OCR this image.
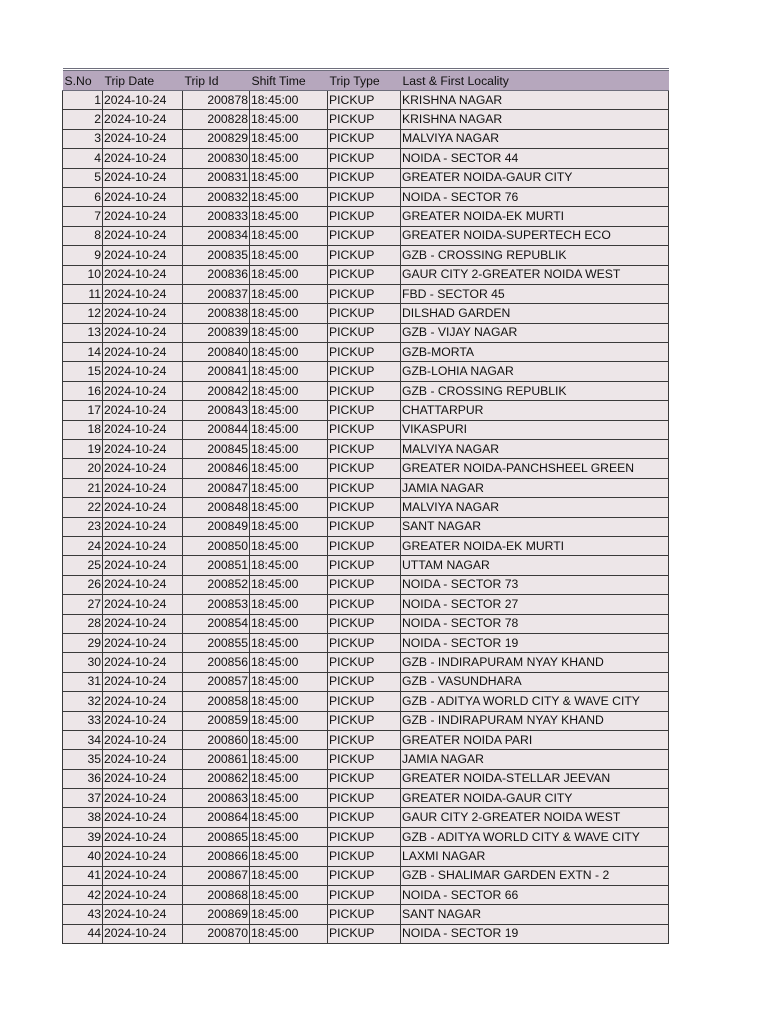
S.No	Trip Date	Trip Id	Shift Time	Trip Type	Last & First Locality
1	2024-10-24	200878	18:45:00	PICKUP	KRISHNA NAGAR
2	2024-10-24	200828	18:45:00	PICKUP	KRISHNA NAGAR
3	2024-10-24	200829	18:45:00	PICKUP	MALVIYA NAGAR
4	2024-10-24	200830	18:45:00	PICKUP	NOIDA - SECTOR 44
5	2024-10-24	200831	18:45:00	PICKUP	GREATER NOIDA-GAUR CITY
6	2024-10-24	200832	18:45:00	PICKUP	NOIDA - SECTOR 76
7	2024-10-24	200833	18:45:00	PICKUP	GREATER NOIDA-EK MURTI
8	2024-10-24	200834	18:45:00	PICKUP	GREATER NOIDA-SUPERTECH ECO
9	2024-10-24	200835	18:45:00	PICKUP	GZB - CROSSING REPUBLIK
10	2024-10-24	200836	18:45:00	PICKUP	GAUR CITY 2-GREATER NOIDA WEST
11	2024-10-24	200837	18:45:00	PICKUP	FBD - SECTOR 45
12	2024-10-24	200838	18:45:00	PICKUP	DILSHAD GARDEN
13	2024-10-24	200839	18:45:00	PICKUP	GZB - VIJAY NAGAR
14	2024-10-24	200840	18:45:00	PICKUP	GZB-MORTA
15	2024-10-24	200841	18:45:00	PICKUP	GZB-LOHIA NAGAR
16	2024-10-24	200842	18:45:00	PICKUP	GZB - CROSSING REPUBLIK
17	2024-10-24	200843	18:45:00	PICKUP	CHATTARPUR
18	2024-10-24	200844	18:45:00	PICKUP	VIKASPURI
19	2024-10-24	200845	18:45:00	PICKUP	MALVIYA NAGAR
20	2024-10-24	200846	18:45:00	PICKUP	GREATER NOIDA-PANCHSHEEL GREEN
21	2024-10-24	200847	18:45:00	PICKUP	JAMIA NAGAR
22	2024-10-24	200848	18:45:00	PICKUP	MALVIYA NAGAR
23	2024-10-24	200849	18:45:00	PICKUP	SANT NAGAR
24	2024-10-24	200850	18:45:00	PICKUP	GREATER NOIDA-EK MURTI
25	2024-10-24	200851	18:45:00	PICKUP	UTTAM NAGAR
26	2024-10-24	200852	18:45:00	PICKUP	NOIDA - SECTOR 73
27	2024-10-24	200853	18:45:00	PICKUP	NOIDA - SECTOR 27
28	2024-10-24	200854	18:45:00	PICKUP	NOIDA - SECTOR 78
29	2024-10-24	200855	18:45:00	PICKUP	NOIDA - SECTOR 19
30	2024-10-24	200856	18:45:00	PICKUP	GZB - INDIRAPURAM NYAY KHAND
31	2024-10-24	200857	18:45:00	PICKUP	GZB - VASUNDHARA
32	2024-10-24	200858	18:45:00	PICKUP	GZB - ADITYA WORLD CITY & WAVE CITY
33	2024-10-24	200859	18:45:00	PICKUP	GZB - INDIRAPURAM NYAY KHAND
34	2024-10-24	200860	18:45:00	PICKUP	GREATER NOIDA PARI
35	2024-10-24	200861	18:45:00	PICKUP	JAMIA NAGAR
36	2024-10-24	200862	18:45:00	PICKUP	GREATER NOIDA-STELLAR JEEVAN
37	2024-10-24	200863	18:45:00	PICKUP	GREATER NOIDA-GAUR CITY
38	2024-10-24	200864	18:45:00	PICKUP	GAUR CITY 2-GREATER NOIDA WEST
39	2024-10-24	200865	18:45:00	PICKUP	GZB - ADITYA WORLD CITY & WAVE CITY
40	2024-10-24	200866	18:45:00	PICKUP	LAXMI NAGAR
41	2024-10-24	200867	18:45:00	PICKUP	GZB - SHALIMAR GARDEN EXTN - 2
42	2024-10-24	200868	18:45:00	PICKUP	NOIDA - SECTOR 66
43	2024-10-24	200869	18:45:00	PICKUP	SANT NAGAR
44	2024-10-24	200870	18:45:00	PICKUP	NOIDA - SECTOR 19
